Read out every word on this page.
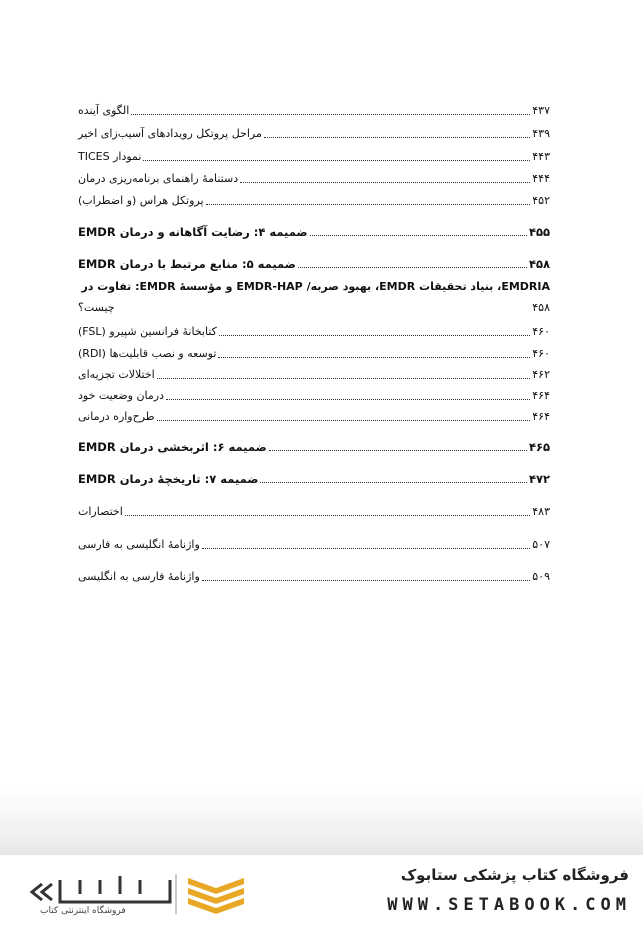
الگوی آینده	۴۳۷
مراحل پروتکل رویدادهای آسیب‌زای اخیر	۴۳۹
نمودار TICES	۴۴۳
دستنامهٔ راهنمای برنامه‌ریزی درمان	۴۴۴
پروتکل هراس (و اضطراب)	۴۵۲
ضمیمه ۴: رضایت آگاهانه و درمان EMDR	۴۵۵
ضمیمه ۵: منابع مرتبط با درمان EMDR	۴۵۸
EMDRIA، بنیاد تحقیقات EMDR، بهبود صربه/ EMDR-HAP و مؤسسهٔ EMDR: تفاوت در
چیست؟	۴۵۸
کتابخانهٔ فرانسین شپیرو (FSL)	۴۶۰
توسعه و نصب قابلیت‌ها (RDI)	۴۶۰
اختلالات تجزیه‌ای	۴۶۲
درمان وضعیت خود	۴۶۴
طرح‌واره درمانی	۴۶۴
ضمیمه ۶: اثربخشی درمان EMDR	۴۶۵
ضمیمه ۷: تاریخچهٔ درمان EMDR	۴۷۲
اختصارات	۴۸۳
واژنامهٔ انگلیسی به فارسی	۵۰۷
واژنامهٔ فارسی به انگلیسی	۵۰۹
فروشگاه اینترنتی کتاب
فروشگاه کتاب پزشکی ستابوک
WWW.SETABOOK.COM
